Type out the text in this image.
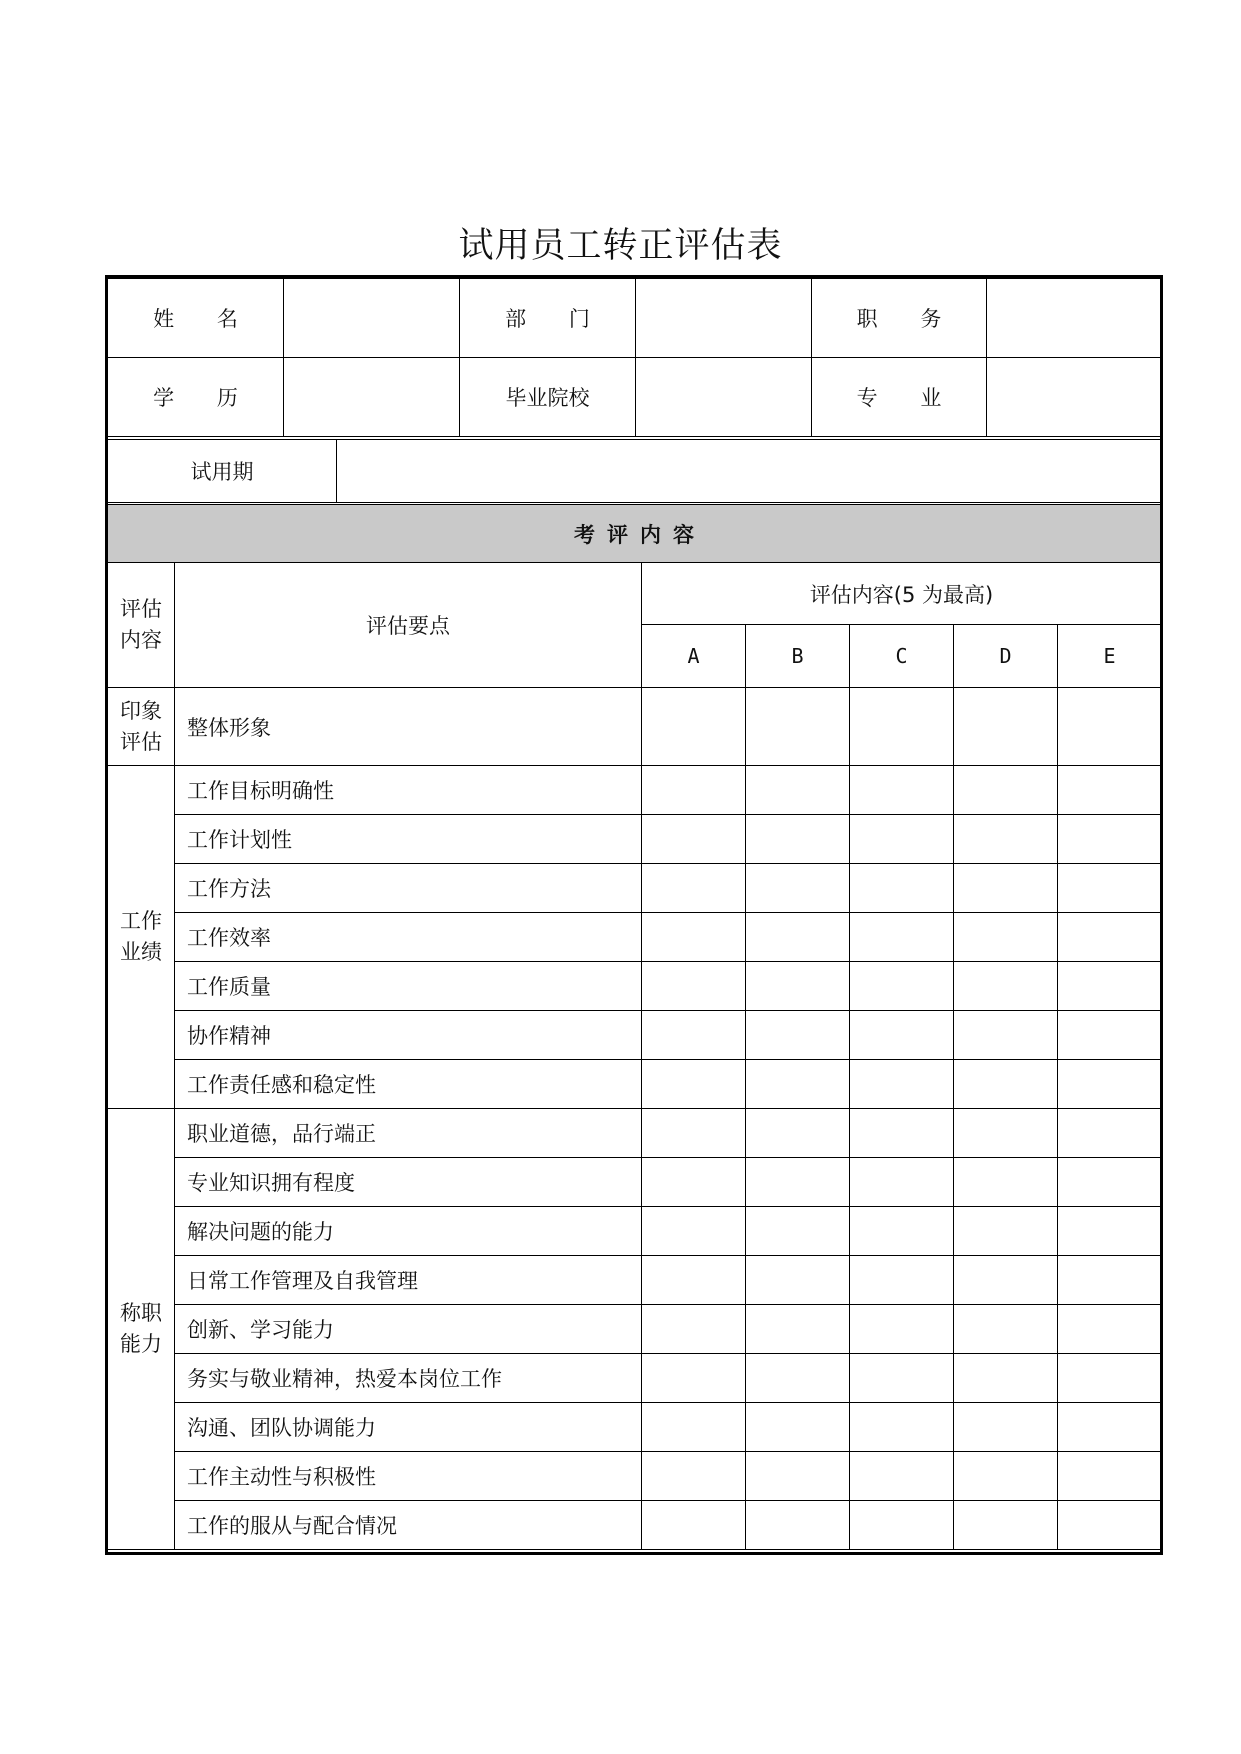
试用员工转正评估表
姓 名		部 门		职 务	
学 历		毕业院校		专 业	
试用期	
考评内容
评估内容	评估要点	评估内容(5 为最高)				
		A	B	C	D	E
印象评估	整体形象					
工作业绩	工作目标明确性					
	工作计划性					
	工作方法					
	工作效率					
	工作质量					
	协作精神					
	工作责任感和稳定性					
称职能力	职业道德，品行端正					
	专业知识拥有程度					
	解决问题的能力					
	日常工作管理及自我管理					
	创新、学习能力					
	务实与敬业精神，热爱本岗位工作					
	沟通、团队协调能力					
	工作主动性与积极性					
	工作的服从与配合情况					
